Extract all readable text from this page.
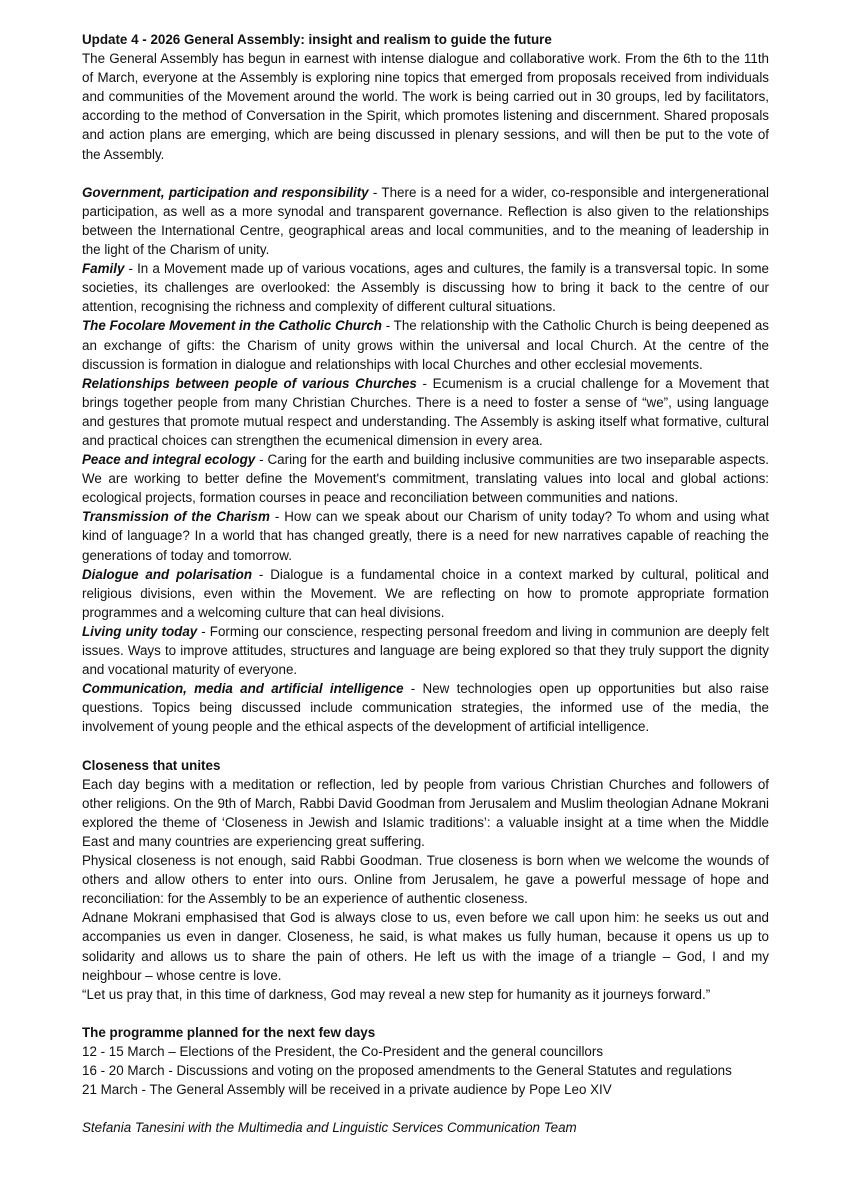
Update 4 - 2026 General Assembly: insight and realism to guide the future

The General Assembly has begun in earnest with intense dialogue and collaborative work. From the 6th to the 11th of March, everyone at the Assembly is exploring nine topics that emerged from proposals received from individuals and communities of the Movement around the world. The work is being carried out in 30 groups, led by facilitators, according to the method of Conversation in the Spirit, which promotes listening and discernment. Shared proposals and action plans are emerging, which are being discussed in plenary sessions, and will then be put to the vote of the Assembly.

Government, participation and responsibility - There is a need for a wider, co-responsible and intergenerational participation, as well as a more synodal and transparent governance. Reflection is also given to the relationships between the International Centre, geographical areas and local communities, and to the meaning of leadership in the light of the Charism of unity.

Family - In a Movement made up of various vocations, ages and cultures, the family is a transversal topic. In some societies, its challenges are overlooked: the Assembly is discussing how to bring it back to the centre of our attention, recognising the richness and complexity of different cultural situations.

The Focolare Movement in the Catholic Church - The relationship with the Catholic Church is being deepened as an exchange of gifts: the Charism of unity grows within the universal and local Church. At the centre of the discussion is formation in dialogue and relationships with local Churches and other ecclesial movements.

Relationships between people of various Churches - Ecumenism is a crucial challenge for a Movement that brings together people from many Christian Churches. There is a need to foster a sense of “we”, using language and gestures that promote mutual respect and understanding. The Assembly is asking itself what formative, cultural and practical choices can strengthen the ecumenical dimension in every area.

Peace and integral ecology - Caring for the earth and building inclusive communities are two inseparable aspects. We are working to better define the Movement's commitment, translating values into local and global actions: ecological projects, formation courses in peace and reconciliation between communities and nations.

Transmission of the Charism - How can we speak about our Charism of unity today? To whom and using what kind of language? In a world that has changed greatly, there is a need for new narratives capable of reaching the generations of today and tomorrow.

Dialogue and polarisation - Dialogue is a fundamental choice in a context marked by cultural, political and religious divisions, even within the Movement. We are reflecting on how to promote appropriate formation programmes and a welcoming culture that can heal divisions.

Living unity today - Forming our conscience, respecting personal freedom and living in communion are deeply felt issues. Ways to improve attitudes, structures and language are being explored so that they truly support the dignity and vocational maturity of everyone.

Communication, media and artificial intelligence - New technologies open up opportunities but also raise questions. Topics being discussed include communication strategies, the informed use of the media, the involvement of young people and the ethical aspects of the development of artificial intelligence.

Closeness that unites

Each day begins with a meditation or reflection, led by people from various Christian Churches and followers of other religions. On the 9th of March, Rabbi David Goodman from Jerusalem and Muslim theologian Adnane Mokrani explored the theme of ‘Closeness in Jewish and Islamic traditions’: a valuable insight at a time when the Middle East and many countries are experiencing great suffering.

Physical closeness is not enough, said Rabbi Goodman. True closeness is born when we welcome the wounds of others and allow others to enter into ours. Online from Jerusalem, he gave a powerful message of hope and reconciliation: for the Assembly to be an experience of authentic closeness.

Adnane Mokrani emphasised that God is always close to us, even before we call upon him: he seeks us out and accompanies us even in danger. Closeness, he said, is what makes us fully human, because it opens us up to solidarity and allows us to share the pain of others. He left us with the image of a triangle – God, I and my neighbour – whose centre is love.

“Let us pray that, in this time of darkness, God may reveal a new step for humanity as it journeys forward.”

The programme planned for the next few days
12 - 15 March – Elections of the President, the Co-President and the general councillors
16 - 20 March - Discussions and voting on the proposed amendments to the General Statutes and regulations
21 March - The General Assembly will be received in a private audience by Pope Leo XIV
Stefania Tanesini with the Multimedia and Linguistic Services Communication Team
